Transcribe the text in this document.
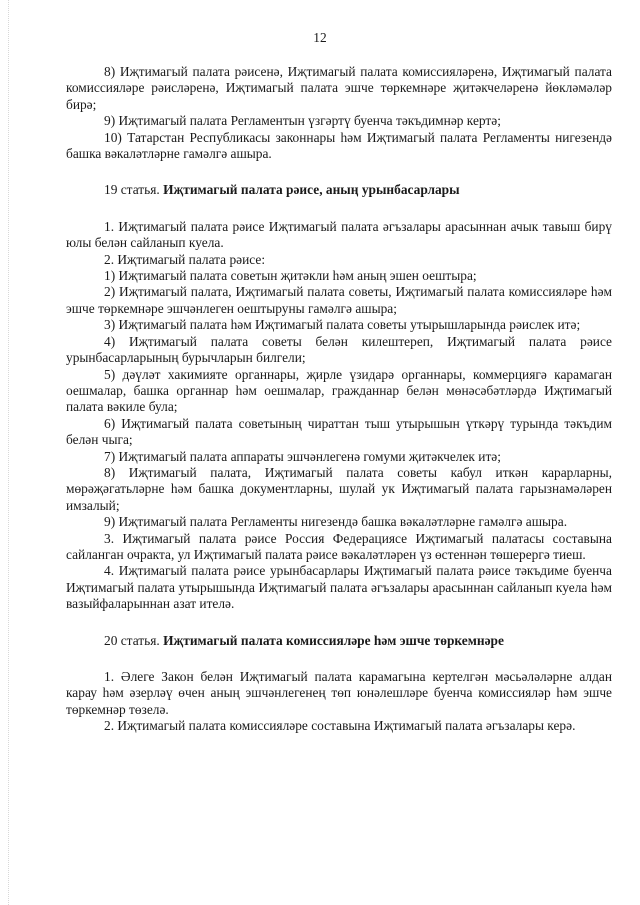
12

8) Иҗтимагый палата рәисенә, Иҗтимагый палата комиссияләренә, Иҗтимагый палата комиссияләре рәисләренә, Иҗтимагый палата эшче төркемнәре җитәкчеләренә йөкләмәләр бирә;

9) Иҗтимагый палата Регламентын үзгәртү буенча тәкъдимнәр кертә;

10) Татарстан Республикасы законнары һәм Иҗтимагый палата Регламенты нигезендә башка вәкаләтләрне гамәлгә ашыра.

19 статья. Иҗтимагый палата рәисе, аның урынбасарлары

1. Иҗтимагый палата рәисе Иҗтимагый палата әгъзалары арасыннан ачык тавыш бирү юлы белән сайланып куела.

2. Иҗтимагый палата рәисе:

1) Иҗтимагый палата советын җитәкли һәм аның эшен оештыра;

2) Иҗтимагый палата, Иҗтимагый палата советы, Иҗтимагый палата комиссияләре һәм эшче төркемнәре эшчәнлеген оештыруны гамәлгә ашыра;

3) Иҗтимагый палата һәм Иҗтимагый палата советы утырышларында рәислек итә;

4) Иҗтимагый палата советы белән килештереп, Иҗтимагый палата рәисе урынбасарларының бурычларын билгели;

5) дәүләт хакимияте органнары, җирле үзидарә органнары, коммерциягә карамаган оешмалар, башка органнар һәм оешмалар, гражданнар белән мөнәсәбәтләрдә Иҗтимагый палата вәкиле була;

6) Иҗтимагый палата советының чираттан тыш утырышын үткәрү турында тәкъдим белән чыга;

7) Иҗтимагый палата аппараты эшчәнлегенә гомуми җитәкчелек итә;

8) Иҗтимагый палата, Иҗтимагый палата советы кабул иткән карарларны, мөрәҗәгатьләрне һәм башка документларны, шулай ук Иҗтимагый палата гарызнамәләрен имзалый;

9) Иҗтимагый палата Регламенты нигезендә башка вәкаләтләрне гамәлгә ашыра.

3. Иҗтимагый палата рәисе Россия Федерациясе Иҗтимагый палатасы составына сайланган очракта, ул Иҗтимагый палата рәисе вәкаләтләрен үз өстеннән төшерергә тиеш.

4. Иҗтимагый палата рәисе урынбасарлары Иҗтимагый палата рәисе тәкъдиме буенча Иҗтимагый палата утырышында Иҗтимагый палата әгъзалары арасыннан сайланып куела һәм вазыйфаларыннан азат ителә.

20 статья. Иҗтимагый палата комиссияләре һәм эшче төркемнәре

1. Әлеге Закон белән Иҗтимагый палата карамагына кертелгән мәсьәләләрне алдан карау һәм әзерләү өчен аның эшчәнлегенең төп юнәлешләре буенча комиссияләр һәм эшче төркемнәр төзелә.

2. Иҗтимагый палата комиссияләре составына Иҗтимагый палата әгъзалары керә.
